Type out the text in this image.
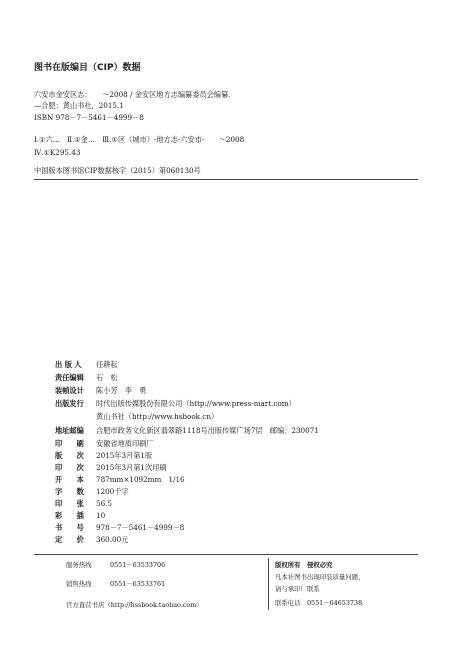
图书在版编目（CIP）数据
六安市金安区志：　　～2008 / 金安区地方志编纂委员会编纂.
—合肥：黄山书社，2015.1
ISBN 978－7－5461－4999－8
Ⅰ.①六…　Ⅱ.①金…　Ⅲ.①区（城市）-地方志-六安市-　　～2008
Ⅳ.①K295.43
中国版本图书馆CIP数据核字（2015）第060130号
出 版 人	任耕耘
责任编辑	石　松
装帧设计	陈小芳　李　勇
出版发行	时代出版传媒股份有限公司（http://www.press-mart.com）
黄山书社（http://www.hsbook.cn）
地址邮编	合肥市政务文化新区翡翠路1118号出版传媒广场7层　邮编：230071
印　　刷	安徽省地质印刷厂
版　　次	2015年3月第1版
印　　次	2015年3月第1次印刷
开　　本	787mm×1092mm　1/16
字　　数	1200千字
印　　张	56.5
彩　　插	10
书　　号	978－7－5461－4999－8
定　　价	360.00元
服务热线	0551－63533706
销售热线	0551－63533761
官方直营书店（http://hssbook.taobao.com）
版权所有　侵权必究
凡本社图书出现印装质量问题，
请与承印厂联系
联系电话　0551－64653738
